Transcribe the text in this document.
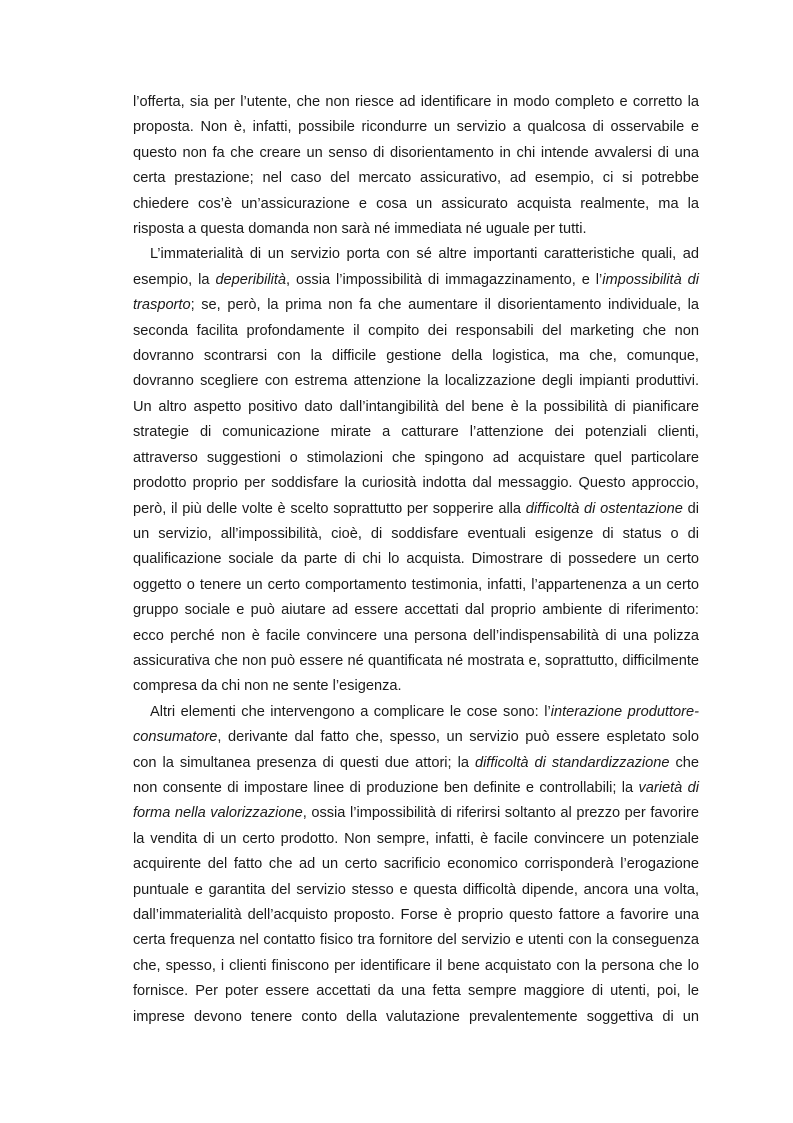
l’offerta, sia per l’utente, che non riesce ad identificare in modo completo e corretto la
proposta. Non è, infatti, possibile ricondurre un servizio a qualcosa di osservabile e
questo non fa che creare un senso di disorientamento in chi intende avvalersi di una
certa prestazione; nel caso del mercato assicurativo, ad esempio, ci si potrebbe
chiedere cos’è un’assicurazione e cosa un assicurato acquista realmente, ma la
risposta a questa domanda non sarà né immediata né uguale per tutti.
L’immaterialità di un servizio porta con sé altre importanti caratteristiche quali, ad
esempio, la deperibilità, ossia l’impossibilità di immagazzinamento, e l’impossibilità di
trasporto; se, però, la prima non fa che aumentare il disorientamento individuale, la
seconda facilita profondamente il compito dei responsabili del marketing che non
dovranno scontrarsi con la difficile gestione della logistica, ma che, comunque,
dovranno scegliere con estrema attenzione la localizzazione degli impianti produttivi.
Un altro aspetto positivo dato dall’intangibilità del bene è la possibilità di pianificare
strategie di comunicazione mirate a catturare l’attenzione dei potenziali clienti,
attraverso suggestioni o stimolazioni che spingono ad acquistare quel particolare
prodotto proprio per soddisfare la curiosità indotta dal messaggio. Questo approccio,
però, il più delle volte è scelto soprattutto per sopperire alla difficoltà di ostentazione di
un servizio, all’impossibilità, cioè, di soddisfare eventuali esigenze di status o di
qualificazione sociale da parte di chi lo acquista. Dimostrare di possedere un certo
oggetto o tenere un certo comportamento testimonia, infatti, l’appartenenza a un certo
gruppo sociale e può aiutare ad essere accettati dal proprio ambiente di riferimento:
ecco perché non è facile convincere una persona dell’indispensabilità di una polizza
assicurativa che non può essere né quantificata né mostrata e, soprattutto, difficilmente
compresa da chi non ne sente l’esigenza.
Altri elementi che intervengono a complicare le cose sono: l’interazione produttore-
consumatore, derivante dal fatto che, spesso, un servizio può essere espletato solo
con la simultanea presenza di questi due attori; la difficoltà di standardizzazione che
non consente di impostare linee di produzione ben definite e controllabili; la varietà di
forma nella valorizzazione, ossia l’impossibilità di riferirsi soltanto al prezzo per favorire
la vendita di un certo prodotto. Non sempre, infatti, è facile convincere un potenziale
acquirente del fatto che ad un certo sacrificio economico corrisponderà l’erogazione
puntuale e garantita del servizio stesso e questa difficoltà dipende, ancora una volta,
dall’immaterialità dell’acquisto proposto. Forse è proprio questo fattore a favorire una
certa frequenza nel contatto fisico tra fornitore del servizio e utenti con la conseguenza
che, spesso, i clienti finiscono per identificare il bene acquistato con la persona che lo
fornisce. Per poter essere accettati da una fetta sempre maggiore di utenti, poi, le
imprese devono tenere conto della valutazione prevalentemente soggettiva di un
